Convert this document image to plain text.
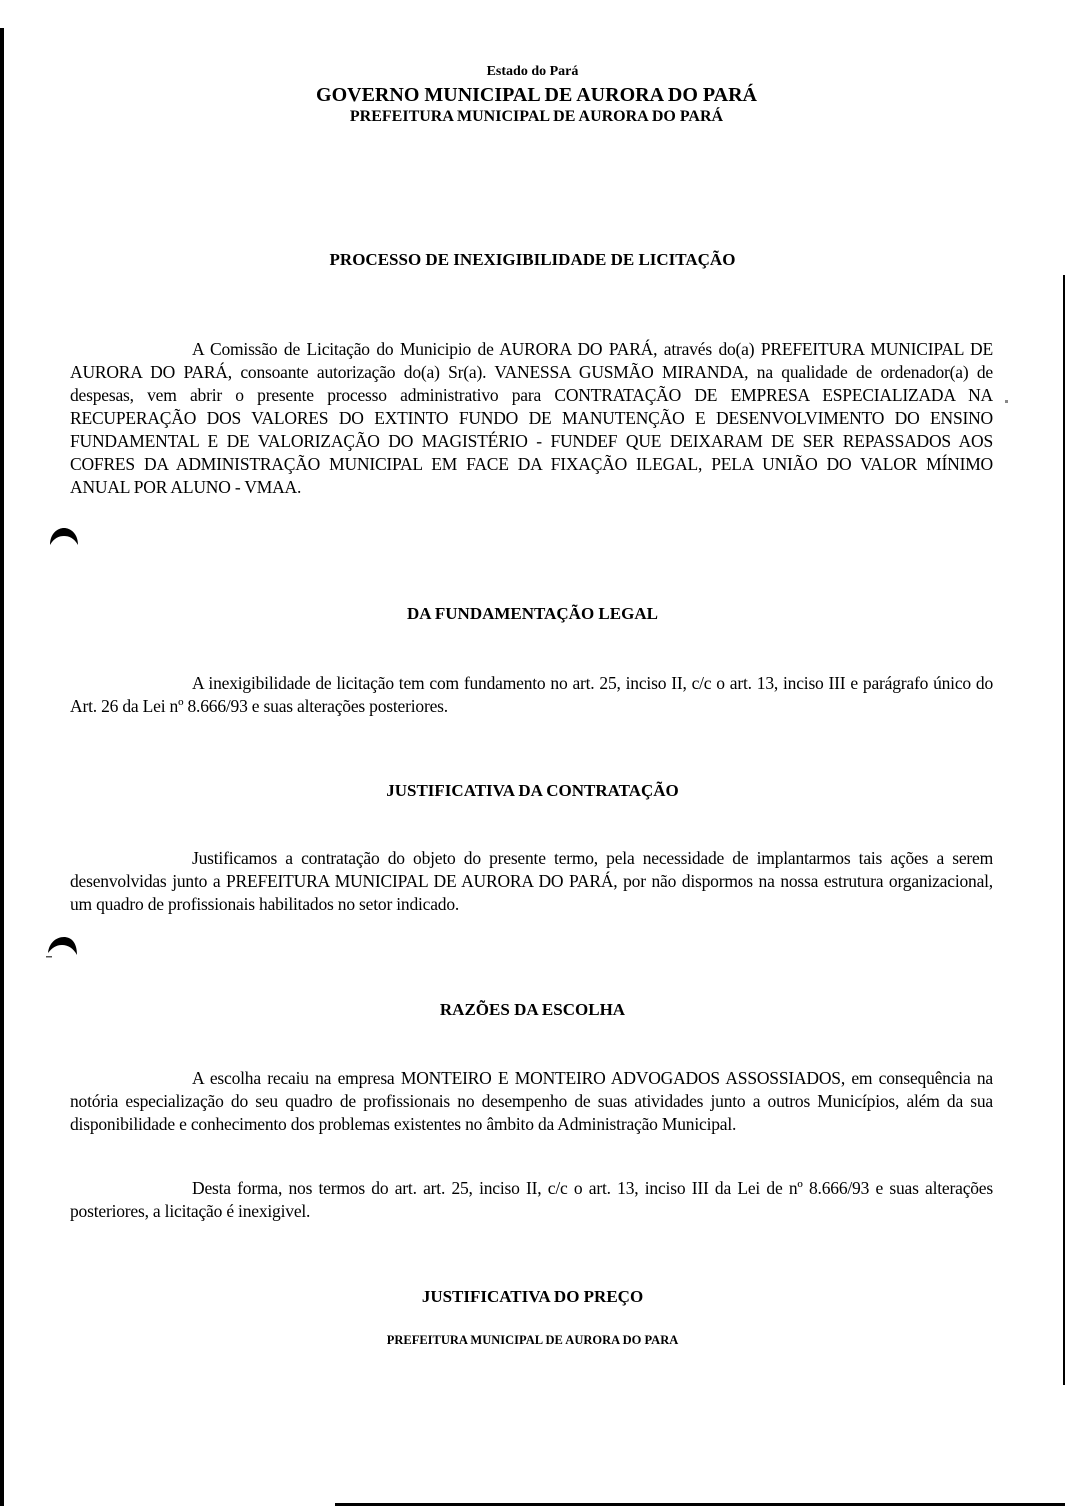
Estado do Pará
GOVERNO MUNICIPAL DE AURORA DO PARÁ
PREFEITURA MUNICIPAL DE AURORA DO PARÁ
PROCESSO DE INEXIGIBILIDADE DE LICITAÇÃO
A Comissão de Licitação do Municipio de AURORA DO PARÁ, através do(a) PREFEITURA MUNICIPAL DE AURORA DO PARÁ, consoante autorização do(a) Sr(a). VANESSA GUSMÃO MIRANDA, na qualidade de ordenador(a) de despesas, vem abrir o presente processo administrativo para CONTRATAÇÃO DE EMPRESA ESPECIALIZADA NA RECUPERAÇÃO DOS VALORES DO EXTINTO FUNDO DE MANUTENÇÃO E DESENVOLVIMENTO DO ENSINO FUNDAMENTAL E DE VALORIZAÇÃO DO MAGISTÉRIO - FUNDEF QUE DEIXARAM DE SER REPASSADOS AOS COFRES DA ADMINISTRAÇÃO MUNICIPAL EM FACE DA FIXAÇÃO ILEGAL, PELA UNIÃO DO VALOR MÍNIMO ANUAL POR ALUNO - VMAA.
DA FUNDAMENTAÇÃO LEGAL
A inexigibilidade de licitação tem com fundamento no art. 25, inciso II, c/c o art. 13, inciso III e parágrafo único do Art. 26 da Lei nº 8.666/93 e suas alterações posteriores.
JUSTIFICATIVA DA CONTRATAÇÃO
Justificamos a contratação do objeto do presente termo, pela necessidade de implantarmos tais ações a serem desenvolvidas junto a PREFEITURA MUNICIPAL DE AURORA DO PARÁ, por não dispormos na nossa estrutura organizacional, um quadro de profissionais habilitados no setor indicado.
RAZÕES DA ESCOLHA
A escolha recaiu na empresa MONTEIRO E MONTEIRO ADVOGADOS ASSOSSIADOS, em consequência na notória especialização do seu quadro de profissionais no desempenho de suas atividades junto a outros Municípios, além da sua disponibilidade e conhecimento dos problemas existentes no âmbito da Administração Municipal.
Desta forma, nos termos do art. art. 25, inciso II, c/c o art. 13, inciso III da Lei de nº 8.666/93 e suas alterações posteriores, a licitação é inexigivel.
JUSTIFICATIVA DO PREÇO
PREFEITURA MUNICIPAL DE AURORA DO PARA
